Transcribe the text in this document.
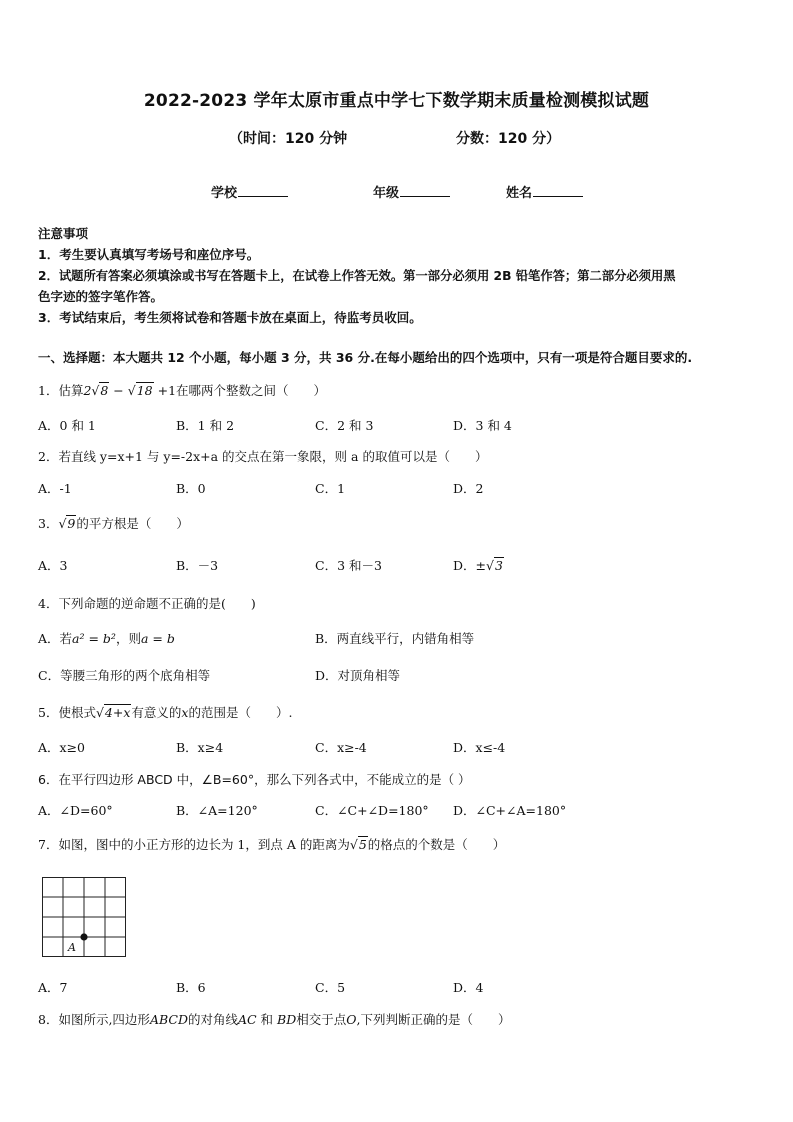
2022-2023 学年太原市重点中学七下数学期末质量检测模拟试题
（时间：120 分钟	分数：120 分）
学校	年级	姓名
注意事项
1．考生要认真填写考场号和座位序号。
2．试题所有答案必须填涂或书写在答题卡上，在试卷上作答无效。第一部分必须用 2B 铅笔作答；第二部分必须用黑
色字迹的签字笔作答。
3．考试结束后，考生须将试卷和答题卡放在桌面上，待监考员收回。
一、选择题：本大题共 12 个小题，每小题 3 分，共 36 分.在每小题给出的四个选项中，只有一项是符合题目要求的.
1．估算2√8 − √18 +1在哪两个整数之间（　　）
A．0 和 1	B．1 和 2	C．2 和 3	D．3 和 4
2．若直线 y=x+1 与 y=-2x+a 的交点在第一象限，则 a 的取值可以是（　　）
A．-1	B．0	C．1	D．2
3．√9的平方根是（　　）
A．3	B．－3	C．3 和－3	D．±√3
4．下列命题的逆命题不正确的是(　　)
A．若a² = b²，则a = b	B．两直线平行，内错角相等
C．等腰三角形的两个底角相等	D．对顶角相等
5．使根式√4+x有意义的x的范围是（　　）.
A．x≥0	B．x≥4	C．x≥-4	D．x≤-4
6．在平行四边形 ABCD 中，∠B=60°，那么下列各式中，不能成立的是（ ）
A．∠D=60°	B．∠A=120°	C．∠C+∠D=180° D．∠C+∠A=180°
7．如图，图中的小正方形的边长为 1，到点 A 的距离为√5的格点的个数是（　　）
A
A．7	B．6	C．5	D．4
8．如图所示,四边形ABCD的对角线AC 和 BD相交于点O,下列判断正确的是（　　）
